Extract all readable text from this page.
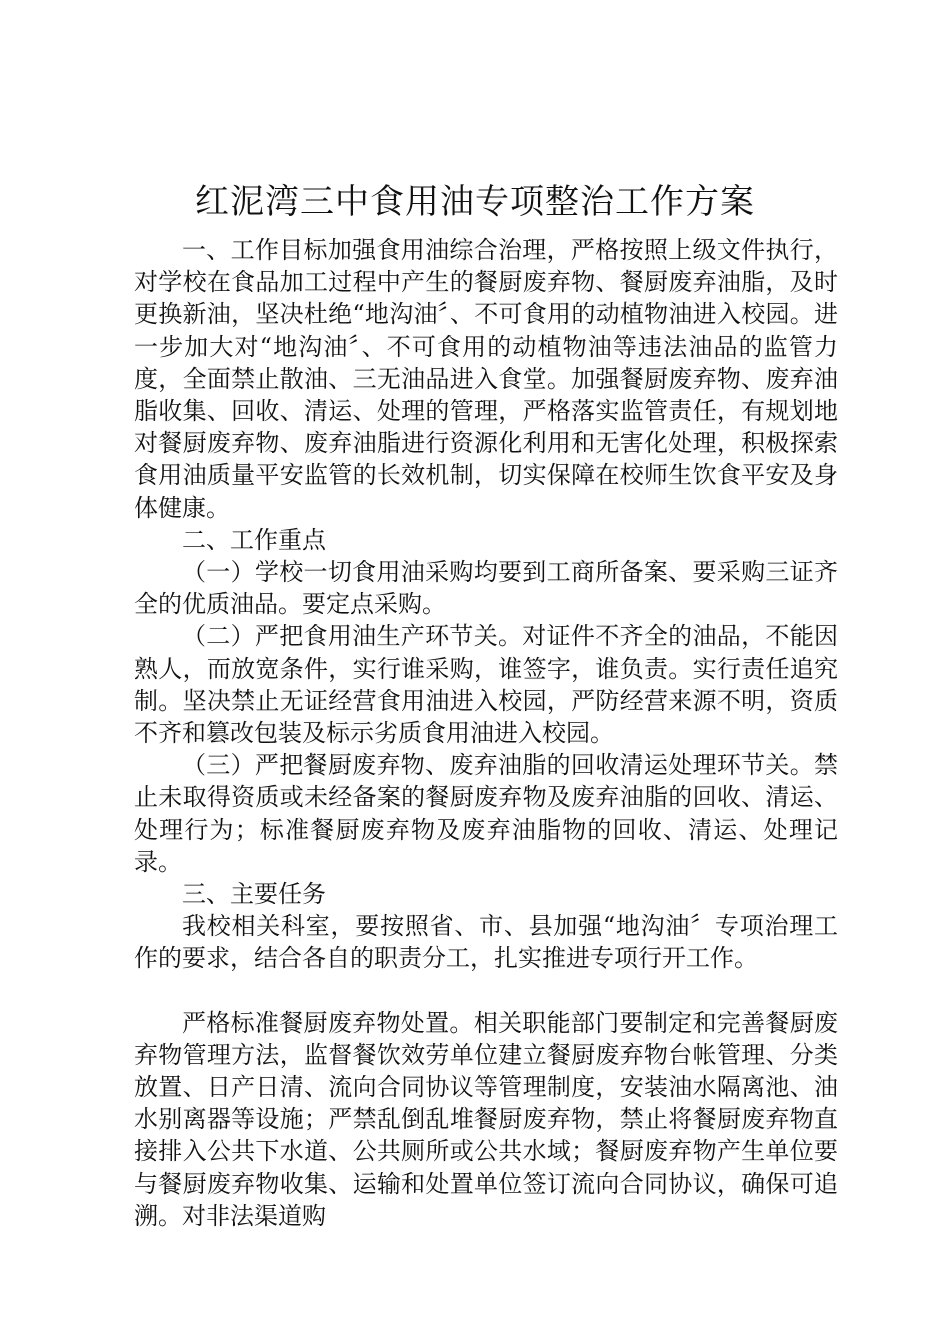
红泥湾三中食用油专项整治工作方案

一、工作目标加强食用油综合治理，严格按照上级文件执行，对学校在食品加工过程中产生的餐厨废弃物、餐厨废弃油脂，及时更换新油，坚决杜绝“地沟油〞、不可食用的动植物油进入校园。进一步加大对“地沟油〞、不可食用的动植物油等违法油品的监管力度，全面禁止散油、三无油品进入食堂。加强餐厨废弃物、废弃油脂收集、回收、清运、处理的管理，严格落实监管责任，有规划地对餐厨废弃物、废弃油脂进行资源化利用和无害化处理，积极探索食用油质量平安监管的长效机制，切实保障在校师生饮食平安及身体健康。

二、工作重点

（一）学校一切食用油采购均要到工商所备案、要采购三证齐全的优质油品。要定点采购。

（二）严把食用油生产环节关。对证件不齐全的油品，不能因熟人，而放宽条件，实行谁采购，谁签字，谁负责。实行责任追究制。坚决禁止无证经营食用油进入校园，严防经营来源不明，资质不齐和篡改包装及标示劣质食用油进入校园。

（三）严把餐厨废弃物、废弃油脂的回收清运处理环节关。禁止未取得资质或未经备案的餐厨废弃物及废弃油脂的回收、清运、处理行为；标准餐厨废弃物及废弃油脂物的回收、清运、处理记录。

三、主要任务

我校相关科室，要按照省、市、县加强“地沟油〞专项治理工作的要求，结合各自的职责分工，扎实推进专项行开工作。

严格标准餐厨废弃物处置。相关职能部门要制定和完善餐厨废弃物管理方法，监督餐饮效劳单位建立餐厨废弃物台帐管理、分类放置、日产日清、流向合同协议等管理制度，安装油水隔离池、油水别离器等设施；严禁乱倒乱堆餐厨废弃物，禁止将餐厨废弃物直接排入公共下水道、公共厕所或公共水域；餐厨废弃物产生单位要与餐厨废弃物收集、运输和处置单位签订流向合同协议，确保可追溯。对非法渠道购
